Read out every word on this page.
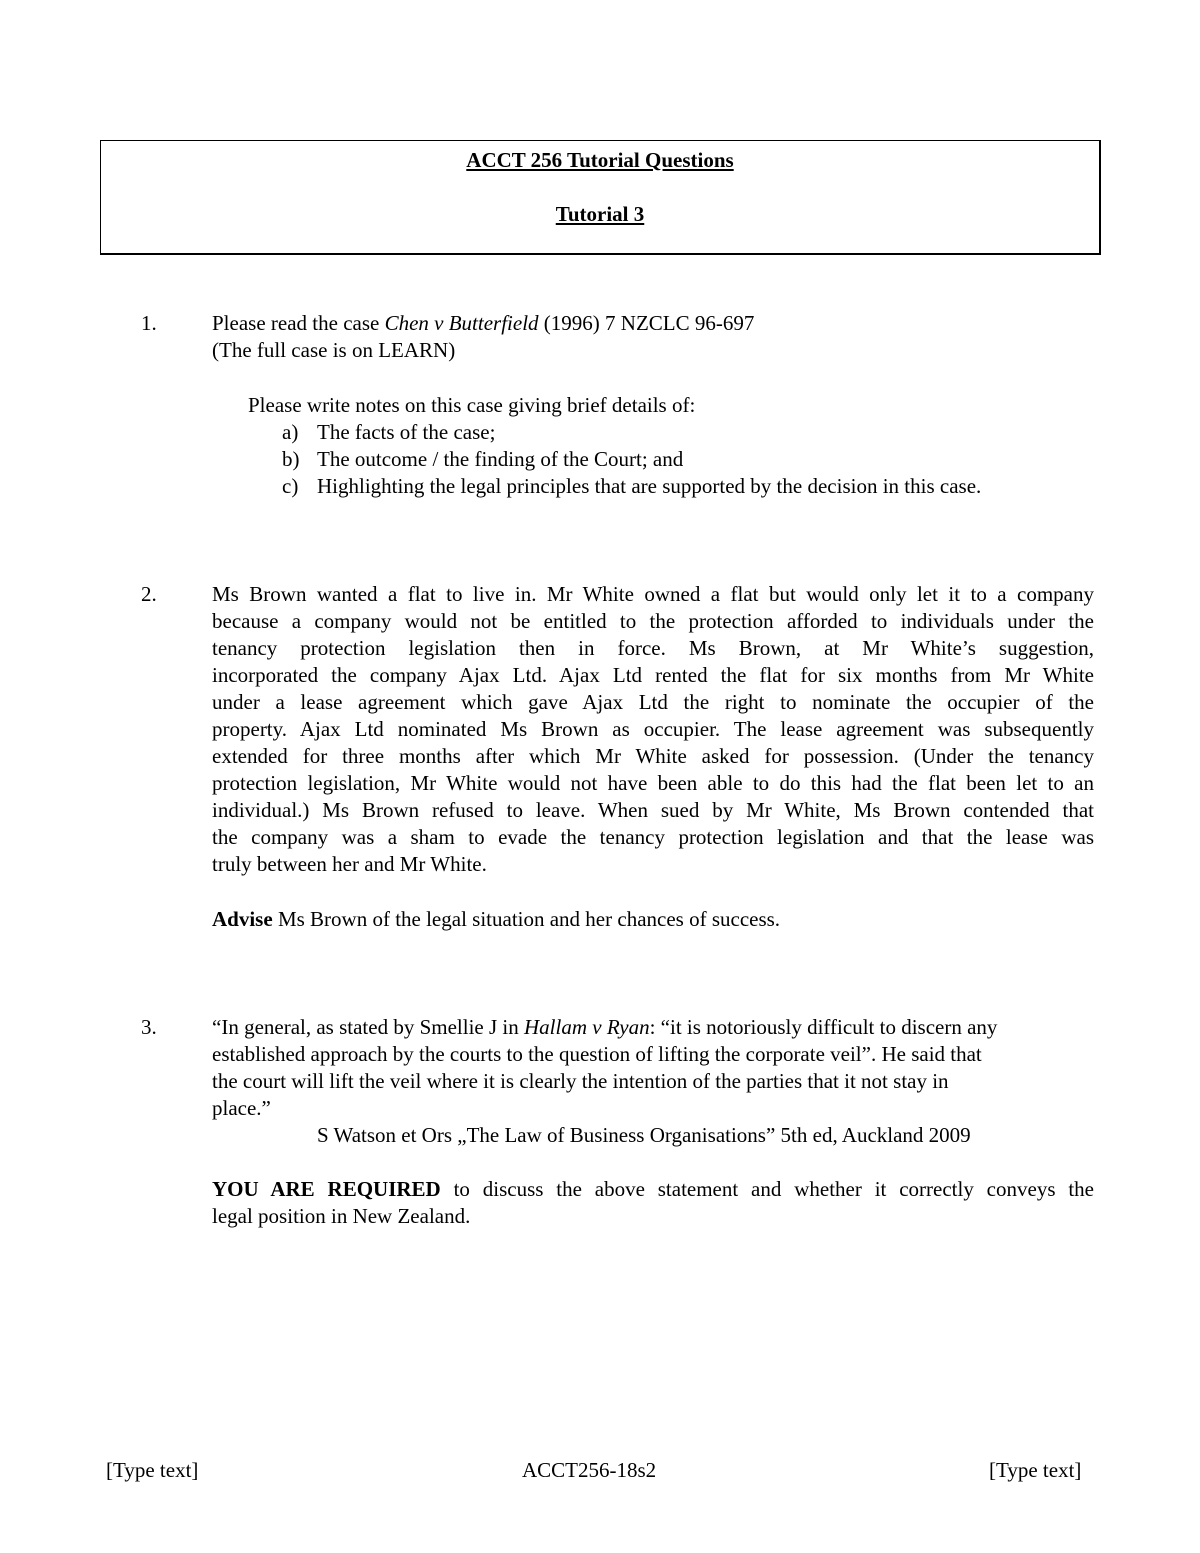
ACCT 256 Tutorial Questions
Tutorial 3
1.	Please read the case Chen v Butterfield (1996) 7 NZCLC 96-697

(The full case is on LEARN)

Please write notes on this case giving brief details of:

a) The facts of the case;
b) The outcome / the finding of the Court; and
c) Highlighting the legal principles that are supported by the decision in this case.
2.	Ms Brown wanted a flat to live in. Mr White owned a flat but would only let it to a company
because a company would not be entitled to the protection afforded to individuals under the
tenancy protection legislation then in force. Ms Brown, at Mr White’s suggestion,
incorporated the company Ajax Ltd. Ajax Ltd rented the flat for six months from Mr White
under a lease agreement which gave Ajax Ltd the right to nominate the occupier of the
property. Ajax Ltd nominated Ms Brown as occupier. The lease agreement was subsequently
extended for three months after which Mr White asked for possession. (Under the tenancy
protection legislation, Mr White would not have been able to do this had the flat been let to an
individual.) Ms Brown refused to leave. When sued by Mr White, Ms Brown contended that
the company was a sham to evade the tenancy protection legislation and that the lease was
truly between her and Mr White.

Advise Ms Brown of the legal situation and her chances of success.

3.	“In general, as stated by Smellie J in Hallam v Ryan: “it is notoriously difficult to discern any

established approach by the courts to the question of lifting the corporate veil”. He said that

the court will lift the veil where it is clearly the intention of the parties that it not stay in

place.”

S Watson et Ors „The Law of Business Organisations” 5th ed, Auckland 2009

YOU ARE REQUIRED to discuss the above statement and whether it correctly conveys the
legal position in New Zealand.
[Type text]	ACCT256-18s2	[Type text]
